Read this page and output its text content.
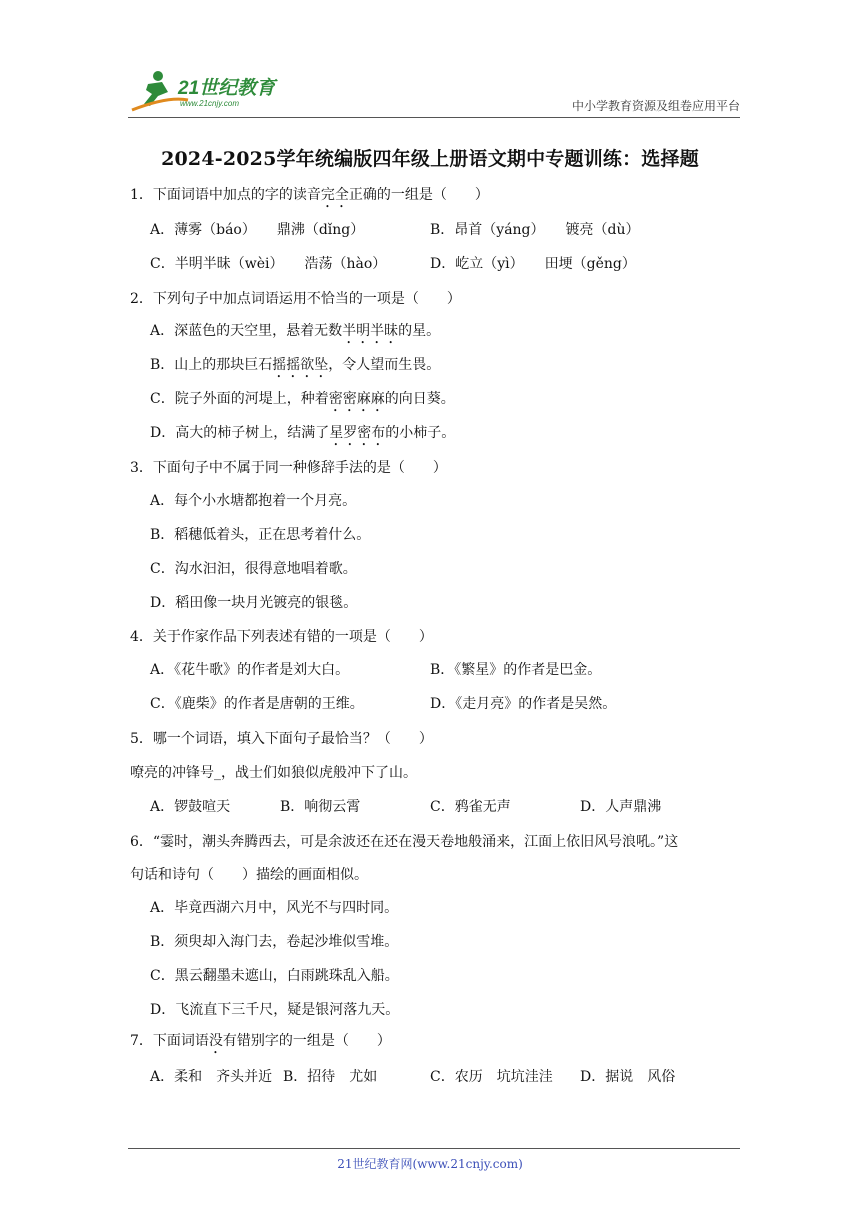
21世纪教育
www.21cnjy.com	中小学教育资源及组卷应用平台
2024-2025学年统编版四年级上册语文期中专题训练：选择题
1．下面词语中加点的字的读音完全正确的一组是（　　）
A．薄雾（báo）　　鼎沸（dǐng）	B．昂首（yáng）　　镀亮（dù）
C．半明半昧（wèi）　　浩荡（hào）	D．屹立（yì）　　田埂（gěng）
2．下列句子中加点词语运用不恰当的一项是（　　）
A．深蓝色的天空里，悬着无数半明半昧的星。
B．山上的那块巨石摇摇欲坠，令人望而生畏。
C．院子外面的河堤上，种着密密麻麻的向日葵。
D．高大的柿子树上，结满了星罗密布的小柿子。
3．下面句子中不属于同一种修辞手法的是（　　）
A．每个小水塘都抱着一个月亮。
B．稻穗低着头，正在思考着什么。
C．沟水汩汩，很得意地唱着歌。
D．稻田像一块月光镀亮的银毯。
4．关于作家作品下列表述有错的一项是（　　）
A．《花牛歌》的作者是刘大白。	B．《繁星》的作者是巴金。
C．《鹿柴》的作者是唐朝的王维。	D．《走月亮》的作者是吴然。
5．哪一个词语，填入下面句子最恰当？（　　）
嘹亮的冲锋号_，战士们如狼似虎般冲下了山。
A．锣鼓喧天	B．响彻云霄	C．鸦雀无声	D．人声鼎沸
6．“霎时，潮头奔腾西去，可是余波还在还在漫天卷地般涌来，江面上依旧风号浪吼。”这
句话和诗句（　　）描绘的画面相似。
A．毕竟西湖六月中，风光不与四时同。
B．须臾却入海门去，卷起沙堆似雪堆。
C．黑云翻墨未遮山，白雨跳珠乱入船。
D．飞流直下三千尺，疑是银河落九天。
7．下面词语没有错别字的一组是（　　）
A．柔和　齐头并近 B．招待　尤如	C．农历　坑坑洼洼 D．据说　风俗
21世纪教育网(www.21cnjy.com)
